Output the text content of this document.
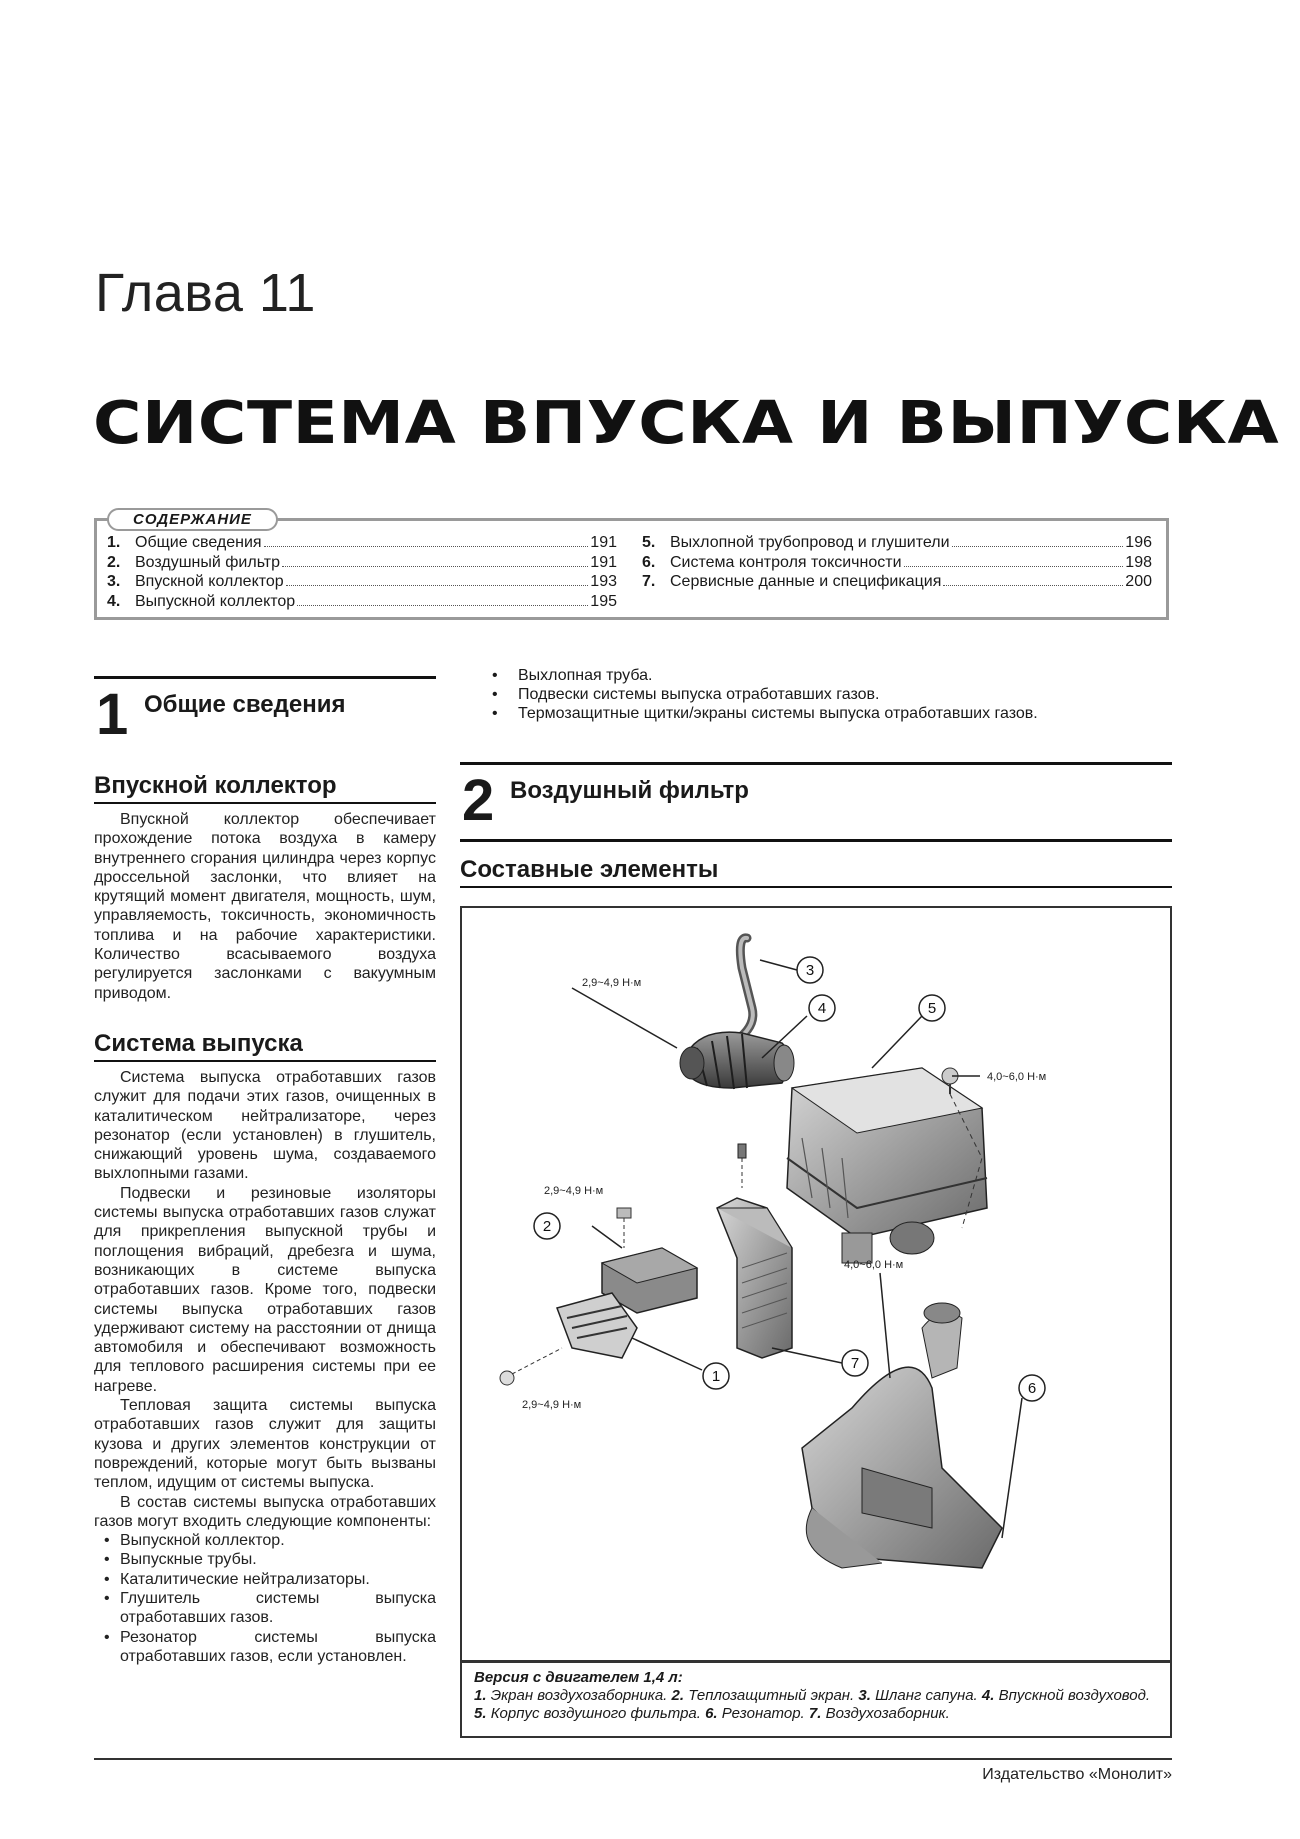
Глава 11
СИСТЕМА ВПУСКА И ВЫПУСКА
СОДЕРЖАНИЕ
1. Общие сведения	191
2. Воздушный фильтр	191
3. Впускной коллектор	193
4. Выпускной коллектор	195
5. Выхлопной трубопровод и глушители	196
6. Система контроля токсичности	198
7. Сервисные данные и спецификация	200
1 Общие сведения
Впускной коллектор

Впускной коллектор обеспечивает прохождение потока воздуха в камеру внутреннего сгорания цилиндра через корпус дроссельной заслонки, что влияет на крутящий момент двигателя, мощность, шум, управляемость, токсичность, экономичность топлива и на рабочие характеристики. Количество всасываемого воздуха регулируется заслонками с вакуумным приводом.

Система выпуска

Система выпуска отработавших газов служит для подачи этих газов, очищенных в каталитическом нейтрализаторе, через резонатор (если установлен) в глушитель, снижающий уровень шума, создаваемого выхлопными газами.

Подвески и резиновые изоляторы системы выпуска отработавших газов служат для прикрепления выпускной трубы и поглощения вибраций, дребезга и шума, возникающих в системе выпуска отработавших газов. Кроме того, подвески системы выпуска отработавших газов удерживают систему на расстоянии от днища автомобиля и обеспечивают возможность для теплового расширения системы при ее нагреве.

Тепловая защита системы выпуска отработавших газов служит для защиты кузова и других элементов конструкции от повреждений, которые могут быть вызваны теплом, идущим от системы выпуска.

В состав системы выпуска отработавших газов могут входить следующие компоненты:

• Выпускной коллектор.
• Выпускные трубы.
• Каталитические нейтрализаторы.
• Глушитель системы выпуска отработавших газов.
• Резонатор системы выпуска отработавших газов, если установлен.
• Выхлопная труба.
• Подвески системы выпуска отработавших газов.
• Термозащитные щитки/экраны системы выпуска отработавших газов.
2 Воздушный фильтр
Составные элементы
3
4	5
2
1
7
6
2,9~4,9 Н·м
2,9~4,9 Н·м
2,9~4,9 Н·м
4,0~6,0 Н·м
4,0~6,0 Н·м
Версия с двигателем 1,4 л:
1. Экран воздухозаборника. 2. Теплозащитный экран. 3. Шланг сапуна. 4. Впускной воздуховод. 5. Корпус воздушного фильтра. 6. Резонатор. 7. Воздухозаборник.
Издательство «Монолит»
